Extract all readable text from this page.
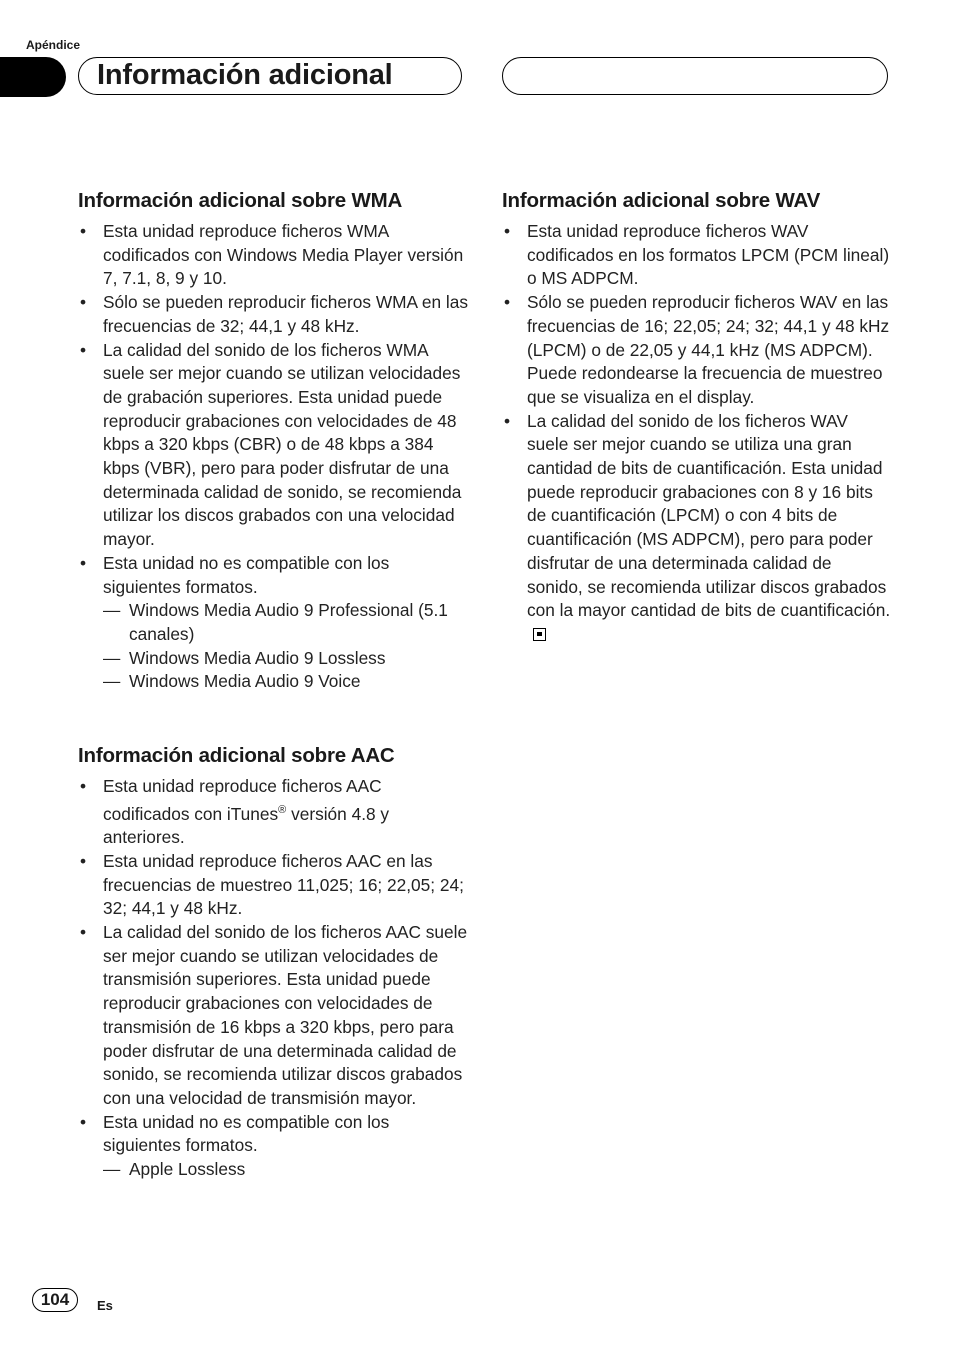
Apéndice
Información adicional
Información adicional sobre WMA
• Esta unidad reproduce ficheros WMA codificados con Windows Media Player versión 7, 7.1, 8, 9 y 10.
• Sólo se pueden reproducir ficheros WMA en las frecuencias de 32; 44,1 y 48 kHz.
• La calidad del sonido de los ficheros WMA suele ser mejor cuando se utilizan velocidades de grabación superiores. Esta unidad puede reproducir grabaciones con velocidades de 48 kbps a 320 kbps (CBR) o de 48 kbps a 384 kbps (VBR), pero para poder disfrutar de una determinada calidad de sonido, se recomienda utilizar los discos grabados con una velocidad mayor.
• Esta unidad no es compatible con los siguientes formatos.
— Windows Media Audio 9 Professional (5.1 canales)
— Windows Media Audio 9 Lossless
— Windows Media Audio 9 Voice
Información adicional sobre AAC
• Esta unidad reproduce ficheros AAC codificados con iTunes® versión 4.8 y anteriores.
• Esta unidad reproduce ficheros AAC en las frecuencias de muestreo 11,025; 16; 22,05; 24; 32; 44,1 y 48 kHz.
• La calidad del sonido de los ficheros AAC suele ser mejor cuando se utilizan velocidades de transmisión superiores. Esta unidad puede reproducir grabaciones con velocidades de transmisión de 16 kbps a 320 kbps, pero para poder disfrutar de una determinada calidad de sonido, se recomienda utilizar discos grabados con una velocidad de transmisión mayor.
• Esta unidad no es compatible con los siguientes formatos.
— Apple Lossless
Información adicional sobre WAV
• Esta unidad reproduce ficheros WAV codificados en los formatos LPCM (PCM lineal) o MS ADPCM.
• Sólo se pueden reproducir ficheros WAV en las frecuencias de 16; 22,05; 24; 32; 44,1 y 48 kHz (LPCM) o de 22,05 y 44,1 kHz (MS ADPCM). Puede redondearse la frecuencia de muestreo que se visualiza en el display.
• La calidad del sonido de los ficheros WAV suele ser mejor cuando se utiliza una gran cantidad de bits de cuantificación. Esta unidad puede reproducir grabaciones con 8 y 16 bits de cuantificación (LPCM) o con 4 bits de cuantificación (MS ADPCM), pero para poder disfrutar de una determinada calidad de sonido, se recomienda utilizar discos grabados con la mayor cantidad de bits de cuantificación.
104	Es
